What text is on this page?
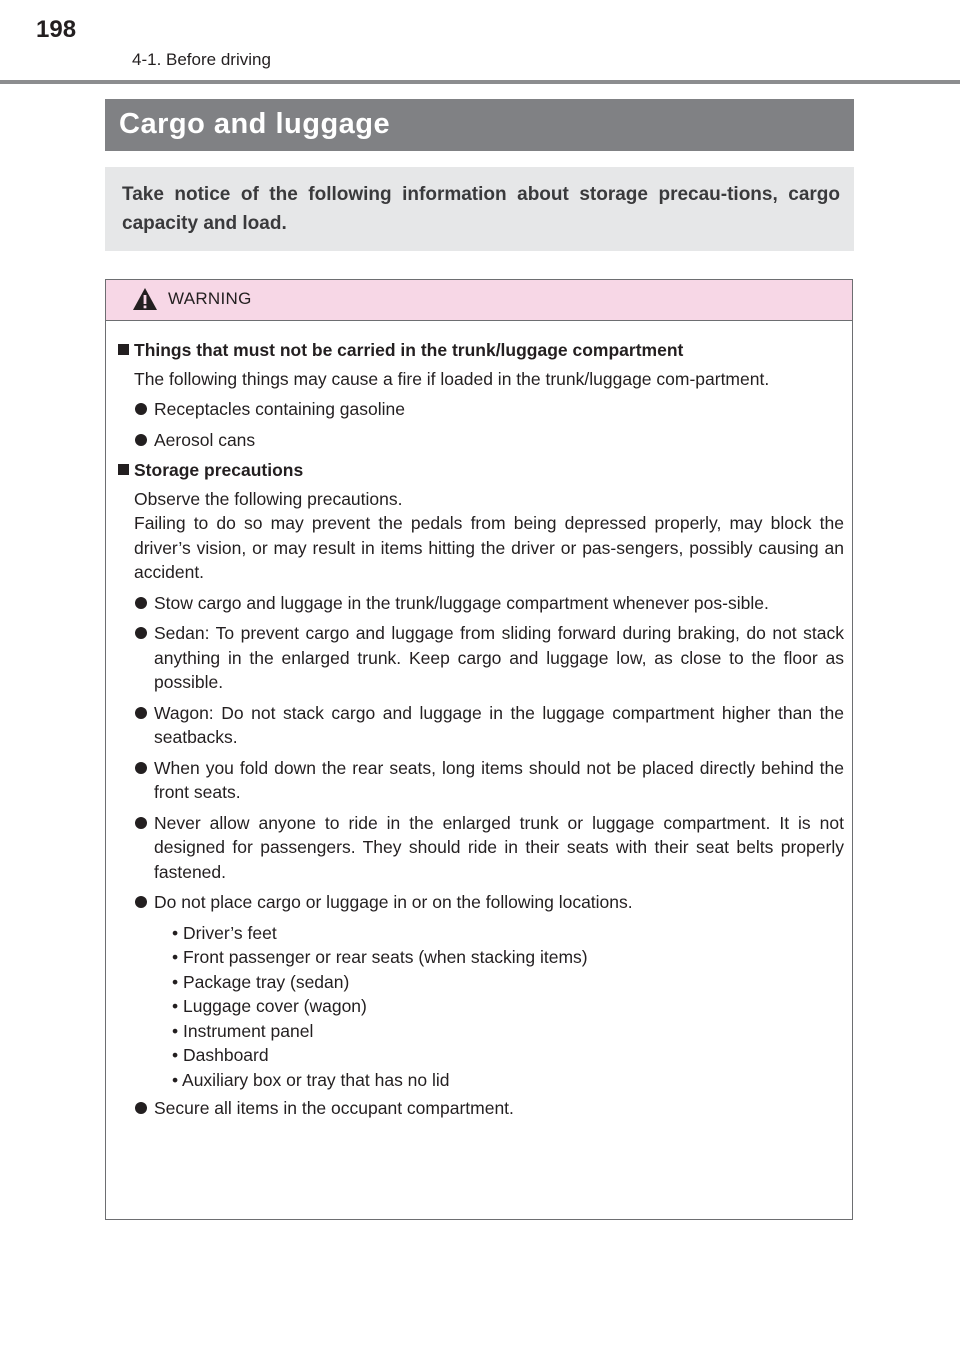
198
4-1. Before driving
Cargo and luggage
Take notice of the following information about storage precau-tions, cargo capacity and load.
WARNING
Things that must not be carried in the trunk/luggage compartment
The following things may cause a fire if loaded in the trunk/luggage com-partment.
Receptacles containing gasoline
Aerosol cans
Storage precautions
Observe the following precautions.
Failing to do so may prevent the pedals from being depressed properly, may block the driver’s vision, or may result in items hitting the driver or pas-sengers, possibly causing an accident.
Stow cargo and luggage in the trunk/luggage compartment whenever pos-sible.
Sedan: To prevent cargo and luggage from sliding forward during braking, do not stack anything in the enlarged trunk. Keep cargo and luggage low, as close to the floor as possible.
Wagon: Do not stack cargo and luggage in the luggage compartment higher than the seatbacks.
When you fold down the rear seats, long items should not be placed directly behind the front seats.
Never allow anyone to ride in the enlarged trunk or luggage compartment. It is not designed for passengers. They should ride in their seats with their seat belts properly fastened.
Do not place cargo or luggage in or on the following locations.
• Driver’s feet
• Front passenger or rear seats (when stacking items)
• Package tray (sedan)
• Luggage cover (wagon)
• Instrument panel
• Dashboard
• Auxiliary box or tray that has no lid
Secure all items in the occupant compartment.
